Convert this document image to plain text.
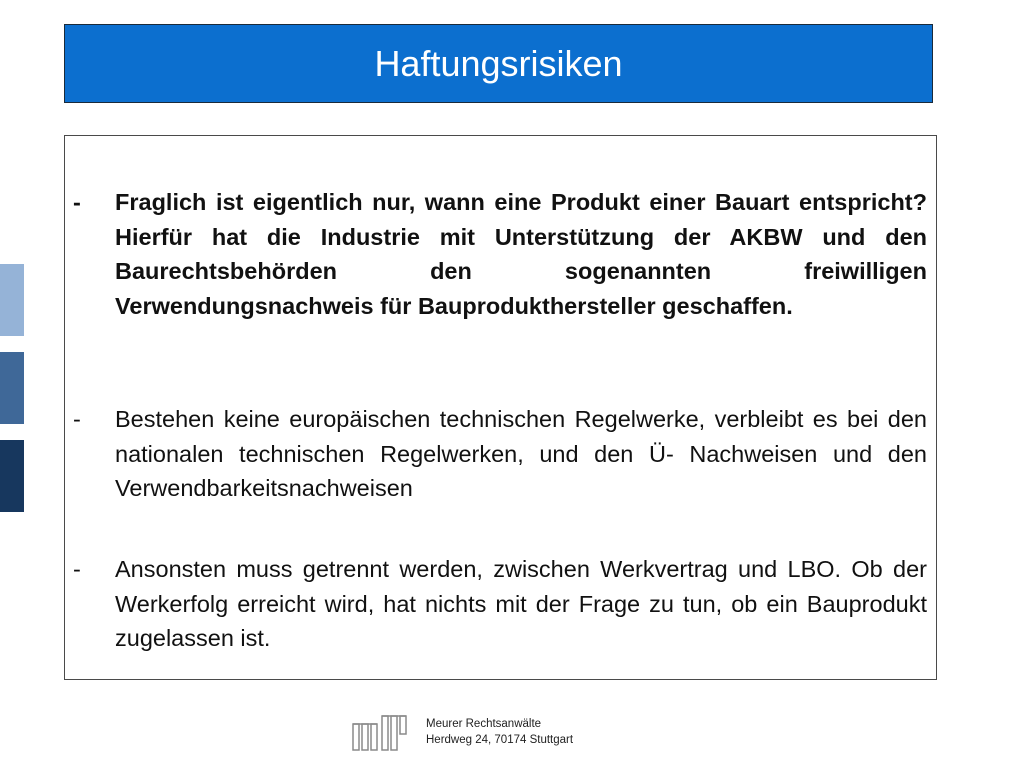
Haftungsrisiken
-	Fraglich ist eigentlich nur, wann eine Produkt einer Bauart entspricht? Hierfür hat die Industrie mit Unterstützung der AKBW und den Baurechtsbehörden den sogenannten freiwilligen Verwendungsnachweis für Bauprodukthersteller geschaffen.
-	Bestehen keine europäischen technischen Regelwerke, verbleibt es bei den nationalen technischen Regelwerken, und den Ü- Nachweisen und den Verwendbarkeitsnachweisen
-	Ansonsten muss getrennt werden, zwischen Werkvertrag und LBO. Ob der Werkerfolg erreicht wird, hat nichts mit der Frage zu tun, ob ein Bauprodukt zugelassen ist.
Meurer Rechtsanwälte
Herdweg 24, 70174 Stuttgart
